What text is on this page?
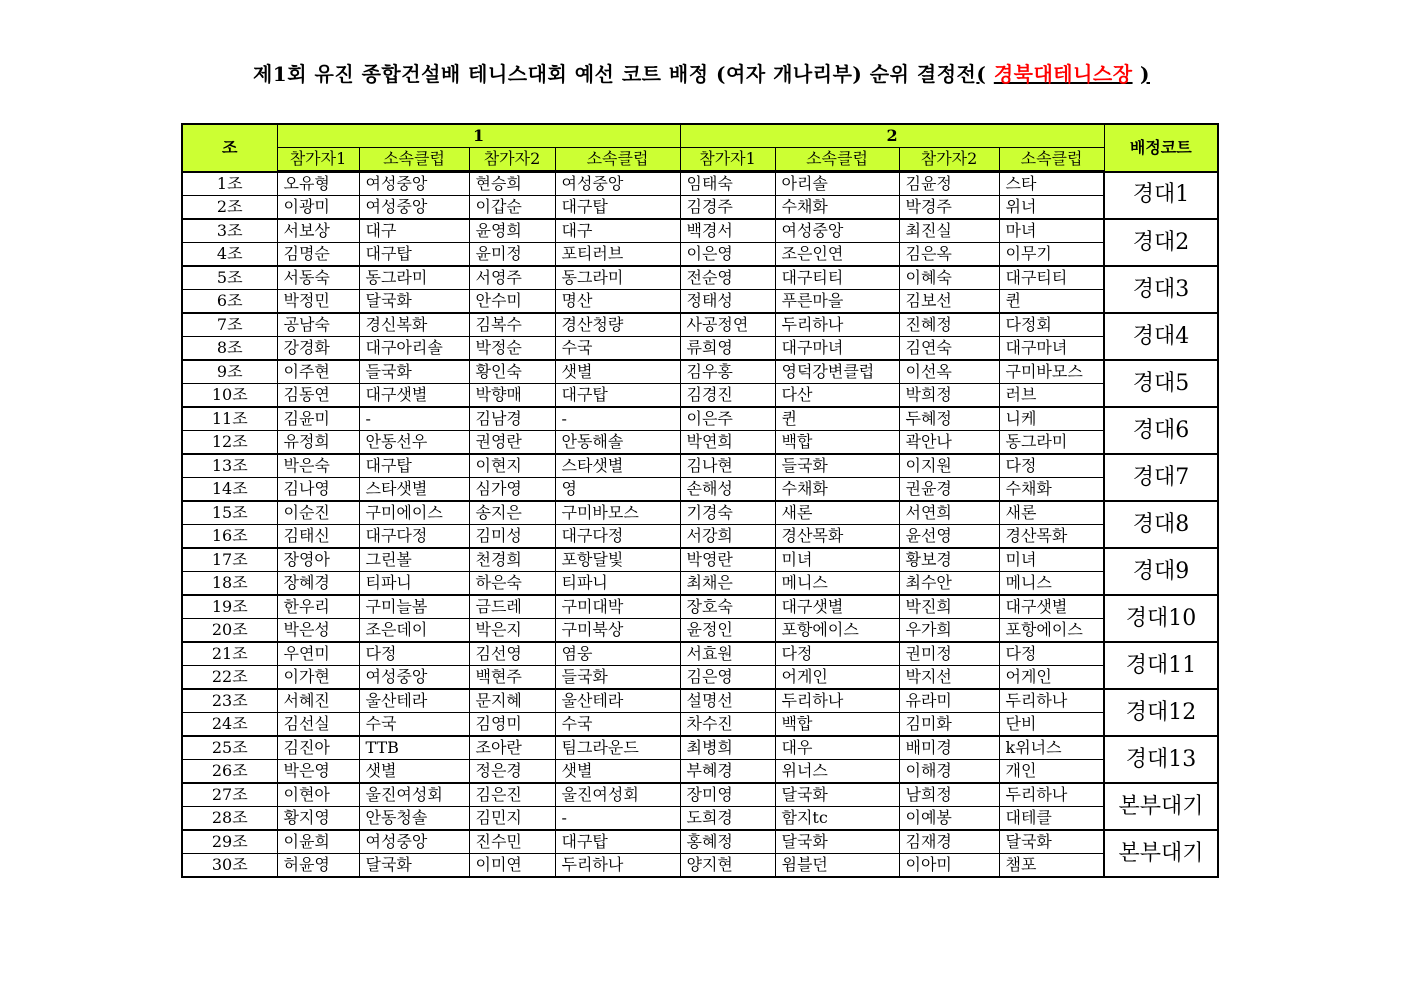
제1회 유진 종합건설배 테니스대회 예선 코트 배정 (여자 개나리부) 순위 결정전( 경북대테니스장 )
조	1				2				배정코트
	참가자1	소속클럽	참가자2	소속클럽	참가자1	소속클럽	참가자2	소속클럽	
1조	오유형	여성중앙	현승희	여성중앙	임태숙	아리솔	김윤정	스타	경대1
2조	이광미	여성중앙	이갑순	대구탑	김경주	수채화	박경주	위너	
3조	서보상	대구	윤영희	대구	백경서	여성중앙	최진실	마녀	경대2
4조	김명순	대구탑	윤미정	포티러브	이은영	조은인연	김은옥	이무기	
5조	서동숙	동그라미	서영주	동그라미	전순영	대구티티	이혜숙	대구티티	경대3
6조	박정민	달국화	안수미	명산	정태성	푸른마을	김보선	퀸	
7조	공남숙	경신복화	김복수	경산청량	사공정연	두리하나	진혜정	다정회	경대4
8조	강경화	대구아리솔	박정순	수국	류희영	대구마녀	김연숙	대구마녀	
9조	이주현	들국화	황인숙	샛별	김우홍	영덕강변클럽	이선옥	구미바모스	경대5
10조	김동연	대구샛별	박향매	대구탑	김경진	다산	박희정	러브	
11조	김윤미	-	김남경	-	이은주	퀸	두혜정	니케	경대6
12조	유정희	안동선우	권영란	안동해솔	박연희	백합	곽안나	동그라미	
13조	박은숙	대구탑	이현지	스타샛별	김나현	들국화	이지원	다정	경대7
14조	김나영	스타샛별	심가영	영	손해성	수채화	권윤경	수채화	
15조	이순진	구미에이스	송지은	구미바모스	기경숙	새론	서연희	새론	경대8
16조	김태신	대구다정	김미성	대구다정	서강희	경산목화	윤선영	경산목화	
17조	장영아	그린볼	천경희	포항달빛	박영란	미녀	황보경	미녀	경대9
18조	장혜경	티파니	하은숙	티파니	최채은	메니스	최수안	메니스	
19조	한우리	구미늘봄	금드레	구미대박	장호숙	대구샛별	박진희	대구샛별	경대10
20조	박은성	조은데이	박은지	구미북상	윤정인	포항에이스	우가희	포항에이스	
21조	우연미	다정	김선영	염웅	서효원	다정	권미정	다정	경대11
22조	이가현	여성중앙	백현주	들국화	김은영	어게인	박지선	어게인	
23조	서혜진	울산테라	문지혜	울산테라	설명선	두리하나	유라미	두리하나	경대12
24조	김선실	수국	김영미	수국	차수진	백합	김미화	단비	
25조	김진아	TTB	조아란	팀그라운드	최병희	대우	배미경	k위너스	경대13
26조	박은영	샛별	정은경	샛별	부혜경	위너스	이해경	개인	
27조	이현아	울진여성회	김은진	울진여성회	장미영	달국화	남희정	두리하나	본부대기
28조	황지영	안동청솔	김민지	-	도희경	함지tc	이예봉	대테클	
29조	이윤희	여성중앙	진수민	대구탑	홍혜정	달국화	김재경	달국화	본부대기
30조	허윤영	달국화	이미연	두리하나	양지현	윔블던	이아미	챔포	
